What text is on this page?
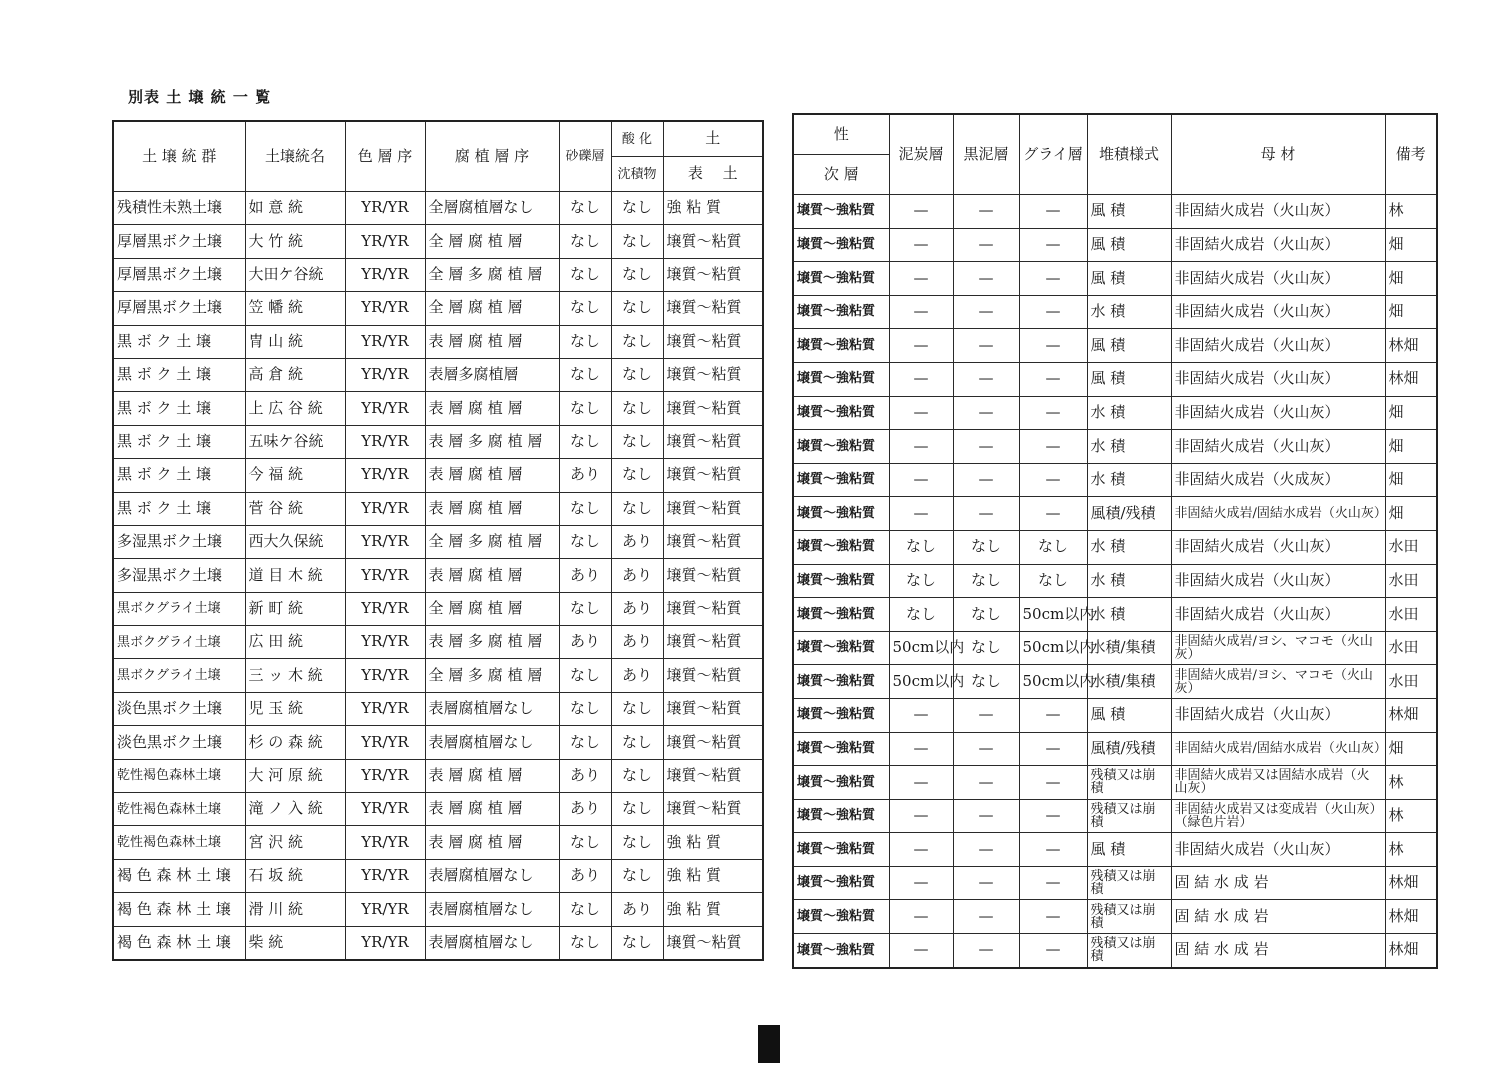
別表 土 壌 統 一 覧
土 壌 統 群	土壌統名	色 層 序	腐 植 層 序	砂礫層	酸 化	土
					沈積物	表　 土
残積性未熟土壌	如 意 統	YR/YR	全層腐植層なし	なし	なし	強 粘 質
厚層黒ボク土壌	大 竹 統	YR/YR	全 層 腐 植 層	なし	なし	壌質〜粘質
厚層黒ボク土壌	大田ケ谷統	YR/YR	全 層 多 腐 植 層	なし	なし	壌質〜粘質
厚層黒ボク土壌	笠 幡 統	YR/YR	全 層 腐 植 層	なし	なし	壌質〜粘質
黒 ボ ク 土 壌	冑 山 統	YR/YR	表 層 腐 植 層	なし	なし	壌質〜粘質
黒 ボ ク 土 壌	高 倉 統	YR/YR	表層多腐植層	なし	なし	壌質〜粘質
黒 ボ ク 土 壌	上 広 谷 統	YR/YR	表 層 腐 植 層	なし	なし	壌質〜粘質
黒 ボ ク 土 壌	五味ケ谷統	YR/YR	表 層 多 腐 植 層	なし	なし	壌質〜粘質
黒 ボ ク 土 壌	今 福 統	YR/YR	表 層 腐 植 層	あり	なし	壌質〜粘質
黒 ボ ク 土 壌	菅 谷 統	YR/YR	表 層 腐 植 層	なし	なし	壌質〜粘質
多湿黒ボク土壌	西大久保統	YR/YR	全 層 多 腐 植 層	なし	あり	壌質〜粘質
多湿黒ボク土壌	道 目 木 統	YR/YR	表 層 腐 植 層	あり	あり	壌質〜粘質
黒ボクグライ土壌	新 町 統	YR/YR	全 層 腐 植 層	なし	あり	壌質〜粘質
黒ボクグライ土壌	広 田 統	YR/YR	表 層 多 腐 植 層	あり	あり	壌質〜粘質
黒ボクグライ土壌	三 ッ 木 統	YR/YR	全 層 多 腐 植 層	なし	あり	壌質〜粘質
淡色黒ボク土壌	児 玉 統	YR/YR	表層腐植層なし	なし	なし	壌質〜粘質
淡色黒ボク土壌	杉 の 森 統	YR/YR	表層腐植層なし	なし	なし	壌質〜粘質
乾性褐色森林土壌	大 河 原 統	YR/YR	表 層 腐 植 層	あり	なし	壌質〜粘質
乾性褐色森林土壌	滝 ノ 入 統	YR/YR	表 層 腐 植 層	あり	なし	壌質〜粘質
乾性褐色森林土壌	宮 沢 統	YR/YR	表 層 腐 植 層	なし	なし	強 粘 質
褐 色 森 林 土 壌	石 坂 統	YR/YR	表層腐植層なし	あり	なし	強 粘 質
褐 色 森 林 土 壌	滑 川 統	YR/YR	表層腐植層なし	なし	あり	強 粘 質
褐 色 森 林 土 壌	柴 統	YR/YR	表層腐植層なし	なし	なし	壌質〜粘質
性	泥炭層	黒泥層	グライ層	堆積様式	母 材	備考
次 層						
壌質〜強粘質	—	—	—	風 積	非固結火成岩（火山灰）	林
壌質〜強粘質	—	—	—	風 積	非固結火成岩（火山灰）	畑
壌質〜強粘質	—	—	—	風 積	非固結火成岩（火山灰）	畑
壌質〜強粘質	—	—	—	水 積	非固結火成岩（火山灰）	畑
壌質〜強粘質	—	—	—	風 積	非固結火成岩（火山灰）	林畑
壌質〜強粘質	—	—	—	風 積	非固結火成岩（火山灰）	林畑
壌質〜強粘質	—	—	—	水 積	非固結火成岩（火山灰）	畑
壌質〜強粘質	—	—	—	水 積	非固結火成岩（火山灰）	畑
壌質〜強粘質	—	—	—	水 積	非固結火成岩（火成灰）	畑
壌質〜強粘質	—	—	—	風積/残積	非固結火成岩/固結水成岩（火山灰）	畑
壌質〜強粘質	なし	なし	なし	水 積	非固結火成岩（火山灰）	水田
壌質〜強粘質	なし	なし	なし	水 積	非固結火成岩（火山灰）	水田
壌質〜強粘質	なし	なし	50cm以内	水 積	非固結火成岩（火山灰）	水田
壌質〜強粘質	50cm以内	なし	50cm以内	水積/集積	非固結火成岩/ヨシ、マコモ（火山灰）	水田
壌質〜強粘質	50cm以内	なし	50cm以内	水積/集積	非固結火成岩/ヨシ、マコモ（火山灰）	水田
壌質〜強粘質	—	—	—	風 積	非固結火成岩（火山灰）	林畑
壌質〜強粘質	—	—	—	風積/残積	非固結火成岩/固結水成岩（火山灰）	畑
壌質〜強粘質	—	—	—	残積又は崩 積	非固結火成岩又は固結水成岩（火山灰）	林
壌質〜強粘質	—	—	—	残積又は崩 積	非固結火成岩又は変成岩（火山灰）（緑色片岩）	林
壌質〜強粘質	—	—	—	風 積	非固結火成岩（火山灰）	林
壌質〜強粘質	—	—	—	残積又は崩 積	固 結 水 成 岩	林畑
壌質〜強粘質	—	—	—	残積又は崩 積	固 結 水 成 岩	林畑
壌質〜強粘質	—	—	—	残積又は崩 積	固 結 水 成 岩	林畑
